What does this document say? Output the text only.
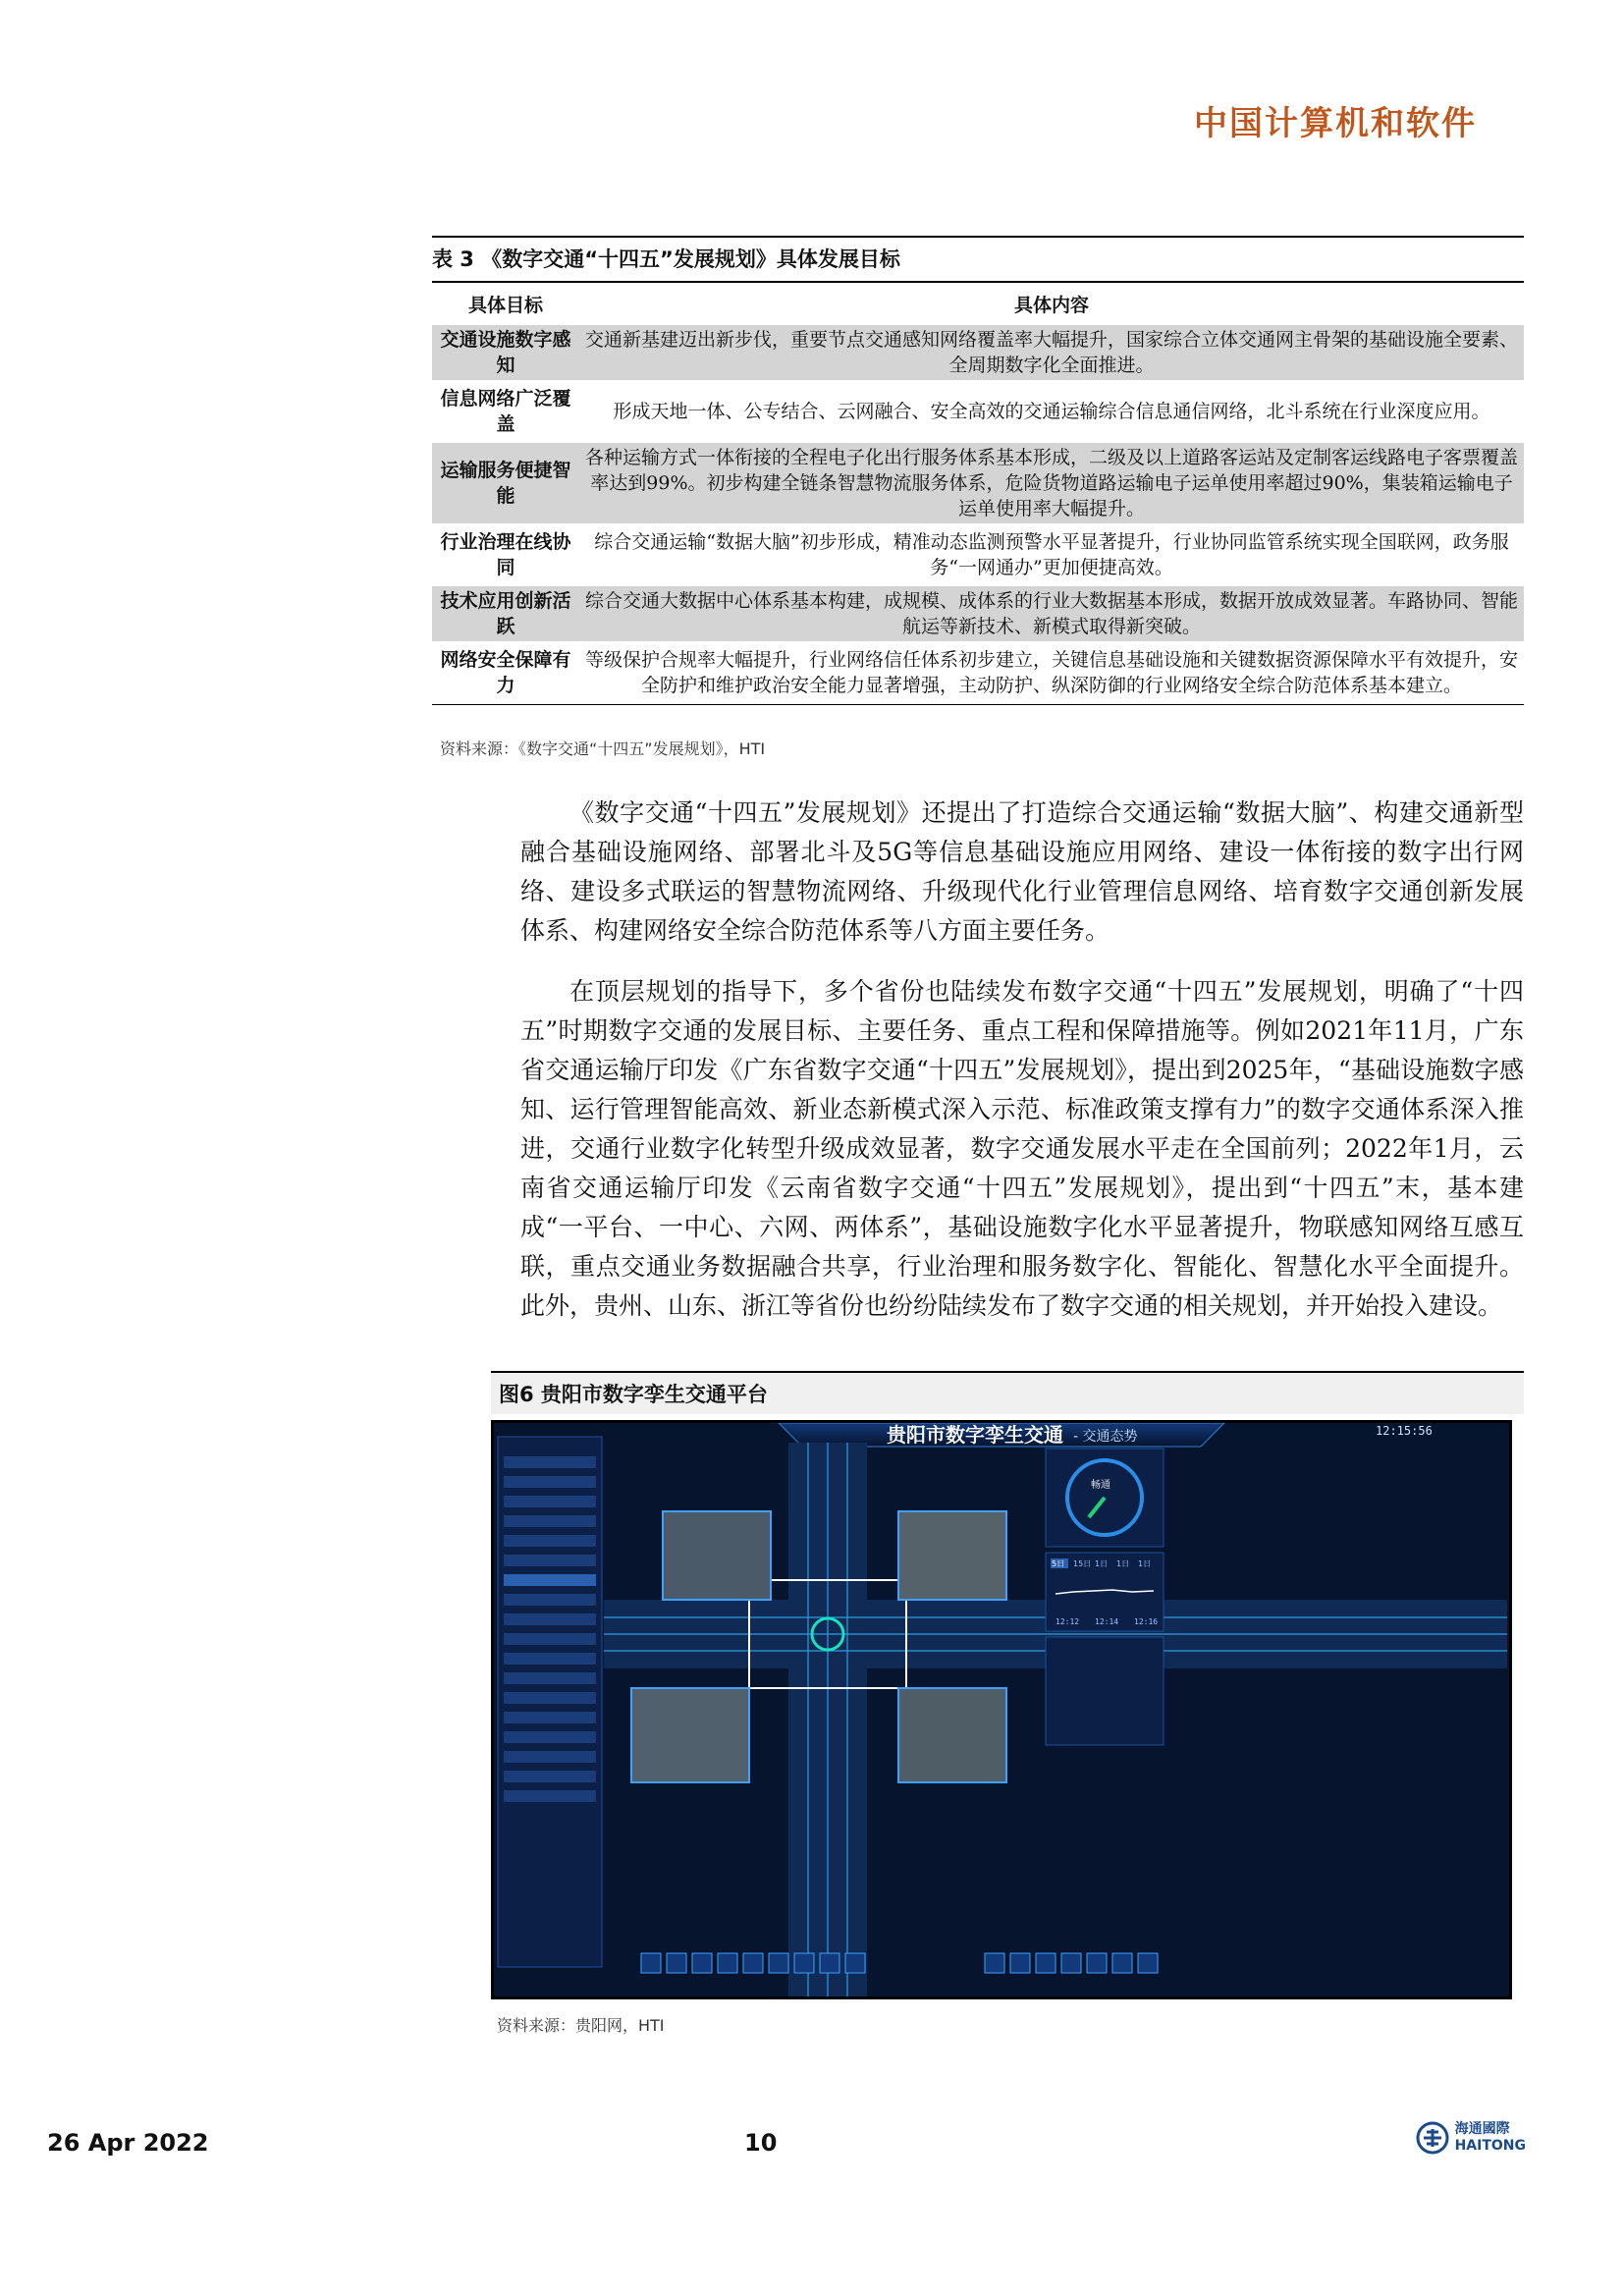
中国计算机和软件
表 3 《数字交通“十四五”发展规划》具体发展目标
具体目标	具体内容
交通设施数字感知	交通新基建迈出新步伐，重要节点交通感知网络覆盖率大幅提升，国家综合立体交通网主骨架的基础设施全要素、全周期数字化全面推进。
信息网络广泛覆盖	形成天地一体、公专结合、云网融合、安全高效的交通运输综合信息通信网络，北斗系统在行业深度应用。
运输服务便捷智能	各种运输方式一体衔接的全程电子化出行服务体系基本形成，二级及以上道路客运站及定制客运线路电子客票覆盖率达到99%。初步构建全链条智慧物流服务体系，危险货物道路运输电子运单使用率超过90%，集装箱运输电子运单使用率大幅提升。
行业治理在线协同	综合交通运输“数据大脑”初步形成，精准动态监测预警水平显著提升，行业协同监管系统实现全国联网，政务服务“一网通办”更加便捷高效。
技术应用创新活跃	综合交通大数据中心体系基本构建，成规模、成体系的行业大数据基本形成，数据开放成效显著。车路协同、智能航运等新技术、新模式取得新突破。
网络安全保障有力	等级保护合规率大幅提升，行业网络信任体系初步建立，关键信息基础设施和关键数据资源保障水平有效提升，安全防护和维护政治安全能力显著增强，主动防护、纵深防御的行业网络安全综合防范体系基本建立。
资料来源：《数字交通“十四五”发展规划》，HTI

《数字交通“十四五”发展规划》还提出了打造综合交通运输“数据大脑”、构建交通新型融合基础设施网络、部署北斗及5G等信息基础设施应用网络、建设一体衔接的数字出行网络、建设多式联运的智慧物流网络、升级现代化行业管理信息网络、培育数字交通创新发展体系、构建网络安全综合防范体系等八方面主要任务。

在顶层规划的指导下，多个省份也陆续发布数字交通“十四五”发展规划，明确了“十四五”时期数字交通的发展目标、主要任务、重点工程和保障措施等。例如2021年11月，广东省交通运输厅印发《广东省数字交通“十四五”发展规划》，提出到2025年，“基础设施数字感知、运行管理智能高效、新业态新模式深入示范、标准政策支撑有力”的数字交通体系深入推进，交通行业数字化转型升级成效显著，数字交通发展水平走在全国前列；2022年1月，云南省交通运输厅印发《云南省数字交通“十四五”发展规划》，提出到“十四五”末，基本建成“一平台、一中心、六网、两体系”，基础设施数字化水平显著提升，物联感知网络互感互联，重点交通业务数据融合共享，行业治理和服务数字化、智能化、智慧化水平全面提升。此外，贵州、山东、浙江等省份也纷纷陆续发布了数字交通的相关规划，并开始投入建设。

图6 贵阳市数字孪生交通平台
贵阳市数字孪生交通 - 交通态势	12:15:56
畅通
5日 15日 1日 1日 1日
12:12 12:14 12:16
资料来源：贵阳网，HTI
26 Apr 2022	10	海通國際
HAITONG
